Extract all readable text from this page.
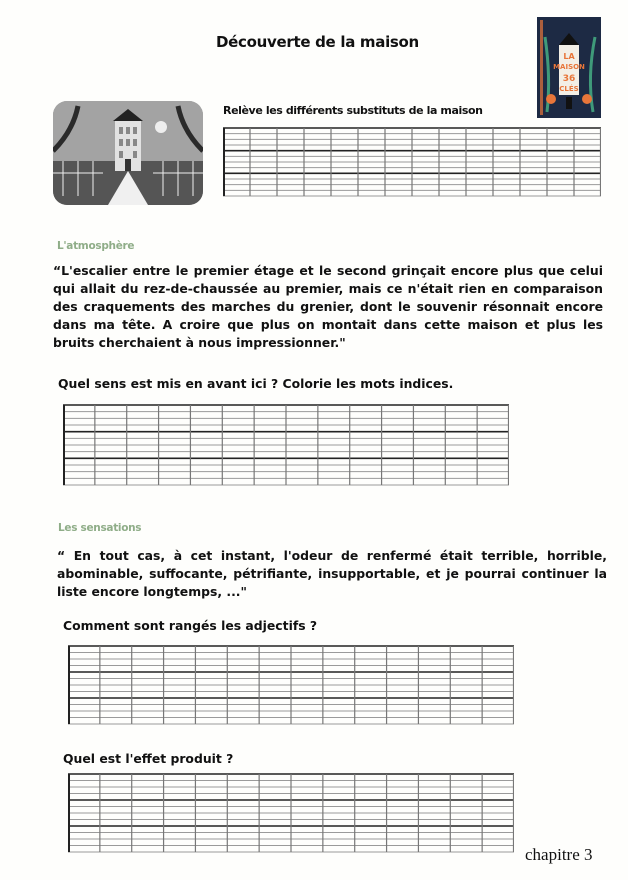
Découverte de la maison
LA
MAISON
36
CLÉS
Relève les différents substituts de la maison
L'atmosphère
“L'escalier entre le premier étage et le second grinçait encore plus que celui qui allait du rez-de-chaussée au premier, mais ce n'était rien en comparaison des craquements des marches du grenier, dont le souvenir résonnait encore dans ma tête. A croire que plus on montait dans cette maison et plus les bruits cherchaient à nous impressionner."
Quel sens est mis en avant ici ? Colorie les mots indices.
Les sensations
“ En tout cas, à cet instant, l'odeur de renfermé était terrible, horrible, abominable, suffocante, pétrifiante, insupportable, et je pourrai continuer la liste encore longtemps, ..."
Comment sont rangés les adjectifs ?
Quel est l'effet produit ?
chapitre 3
